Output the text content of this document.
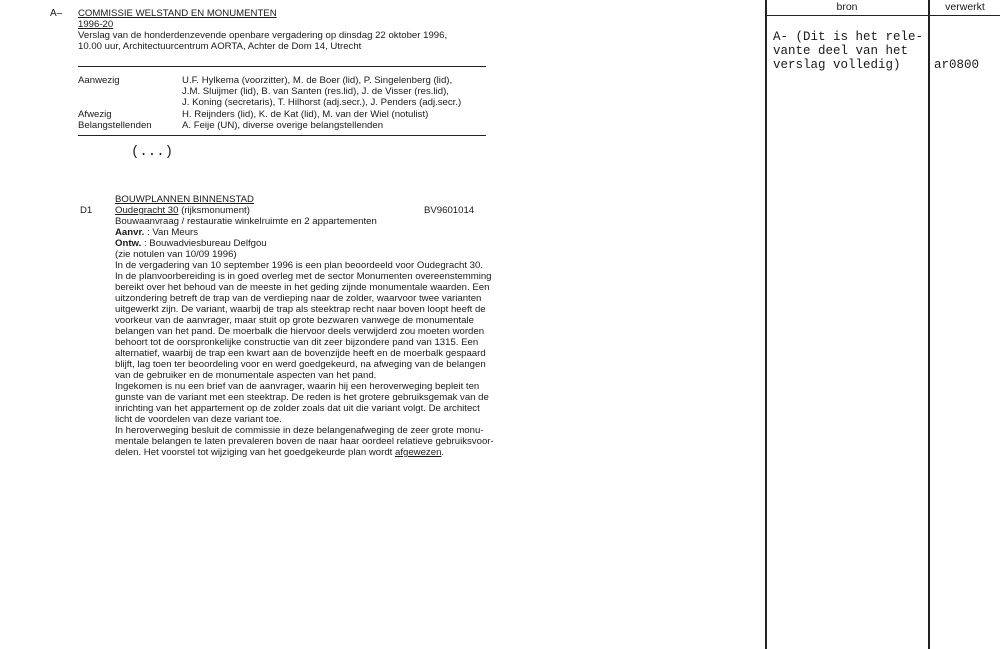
A– COMMISSIE WELSTAND EN MONUMENTEN
1996-20
Verslag van de honderdenzevende openbare vergadering op dinsdag 22 oktober 1996,
10.00 uur, Architectuurcentrum AORTA, Achter de Dom 14, Utrecht
Aanwezig	U.F. Hylkema (voorzitter), M. de Boer (lid), P. Singelenberg (lid),
J.M. Sluijmer (lid), B. van Santen (res.lid), J. de Visser (res.lid),
J. Koning (secretaris), T. Hilhorst (adj.secr.), J. Penders (adj.secr.)
Afwezig	H. Reijnders (lid), K. de Kat (lid), M. van der Wiel (notulist)
Belangstellenden	A. Feije (UN), diverse overige belangstellenden
(...)
BOUWPLANNEN BINNENSTAD
D1 Oudegracht 30 (rijksmonument)	BV9601014
Bouwaanvraag / restauratie winkelruimte en 2 appartementen
Aanvr. : Van Meurs
Ontw. : Bouwadviesbureau Delfgou
(zie notulen van 10/09 1996)
In de vergadering van 10 september 1996 is een plan beoordeeld voor Oudegracht 30.
In de planvoorbereiding is in goed overleg met de sector Monumenten overeenstemming
bereikt over het behoud van de meeste in het geding zijnde monumentale waarden. Een
uitzondering betreft de trap van de verdieping naar de zolder, waarvoor twee varianten
uitgewerkt zijn. De variant, waarbij de trap als steektrap recht naar boven loopt heeft de
voorkeur van de aanvrager, maar stuit op grote bezwaren vanwege de monumentale
belangen van het pand. De moerbalk die hiervoor deels verwijderd zou moeten worden
behoort tot de oorspronkelijke constructie van dit zeer bijzondere pand van 1315. Een
alternatief, waarbij de trap een kwart aan de bovenzijde heeft en de moerbalk gespaard
blijft, lag toen ter beoordeling voor en werd goedgekeurd, na afweging van de belangen
van de gebruiker en de monumentale aspecten van het pand.
Ingekomen is nu een brief van de aanvrager, waarin hij een heroverweging bepleit ten
gunste van de variant met een steektrap. De reden is het grotere gebruiksgemak van de
inrichting van het appartement op de zolder zoals dat uit die variant volgt. De architect
licht de voordelen van deze variant toe.
In heroverweging besluit de commissie in deze belangenafweging de zeer grote monu-
mentale belangen te laten prevaleren boven de naar haar oordeel relatieve gebruiksvoor-
delen. Het voorstel tot wijziging van het goedgekeurde plan wordt afgewezen.
bron	verwerkt
A- (Dit is het rele-
vante deel van het
verslag volledig)	ar0800
